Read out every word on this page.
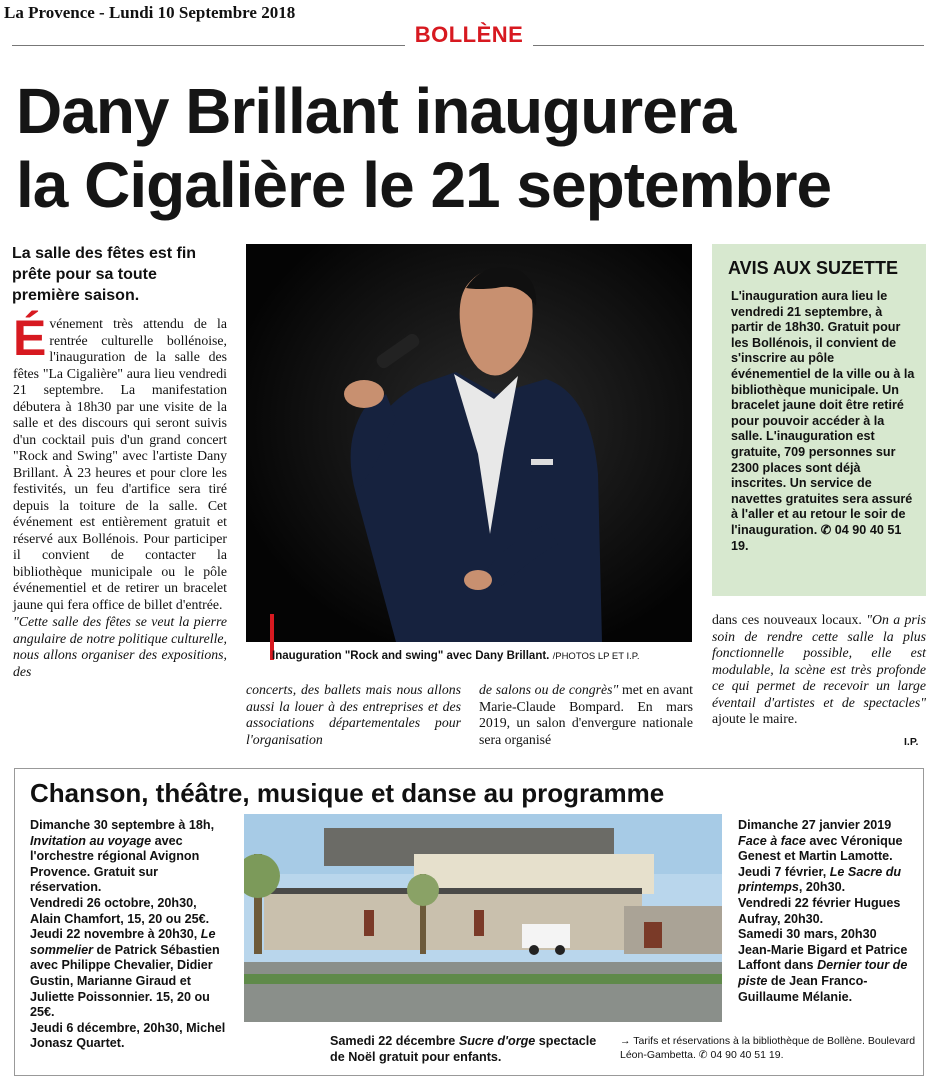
La Provence - Lundi 10 Septembre 2018
BOLLÈNE
Dany Brillant inaugurera
la Cigalière le 21 septembre
La salle des fêtes est fin prête pour sa toute première saison.
Événement très attendu de la rentrée culturelle bollénoise, l'inauguration de la salle des fêtes "La Cigalière" aura lieu vendredi 21 septembre. La manifestation débutera à 18h30 par une visite de la salle et des discours qui seront suivis d'un cocktail puis d'un grand concert "Rock and Swing" avec l'artiste Dany Brillant. À 23 heures et pour clore les festivités, un feu d'artifice sera tiré depuis la toiture de la salle. Cet événement est entièrement gratuit et réservé aux Bollénois. Pour participer il convient de contacter la bibliothèque municipale ou le pôle événementiel et de retirer un bracelet jaune qui fera office de billet d'entrée.
"Cette salle des fêtes se veut la pierre angulaire de notre politique culturelle, nous allons organiser des expositions, des
Inauguration "Rock and swing" avec Dany Brillant. /PHOTOS LP ET I.P.
AVIS AUX SUZETTE
L'inauguration aura lieu le vendredi 21 septembre, à partir de 18h30. Gratuit pour les Bollénois, il convient de s'inscrire au pôle événementiel de la ville ou à la bibliothèque municipale. Un bracelet jaune doit être retiré pour pouvoir accéder à la salle. L'inauguration est gratuite, 709 personnes sur 2300 places sont déjà inscrites. Un service de navettes gratuites sera assuré à l'aller et au retour le soir de l'inauguration. ✆ 04 90 40 51 19.
concerts, des ballets mais nous allons aussi la louer à des entreprises et des associations départementales pour l'organisation
de salons ou de congrès" met en avant Marie-Claude Bompard. En mars 2019, un salon d'envergure nationale sera organisé
dans ces nouveaux locaux. "On a pris soin de rendre cette salle la plus fonctionnelle possible, elle est modulable, la scène est très profonde ce qui permet de recevoir un large éventail d'artistes et de spectacles" ajoute le maire.
I.P.
Chanson, théâtre, musique et danse au programme
Dimanche 30 septembre à 18h, Invitation au voyage avec l'orchestre régional Avignon Provence. Gratuit sur réservation.
Vendredi 26 octobre, 20h30, Alain Chamfort, 15, 20 ou 25€.
Jeudi 22 novembre à 20h30, Le sommelier de Patrick Sébastien avec Philippe Chevalier, Didier Gustin, Marianne Giraud et Juliette Poissonnier. 15, 20 ou 25€.
Jeudi 6 décembre, 20h30, Michel Jonasz Quartet.
Dimanche 27 janvier 2019 Face à face avec Véronique Genest et Martin Lamotte.
Jeudi 7 février, Le Sacre du printemps, 20h30.
Vendredi 22 février Hugues Aufray, 20h30.
Samedi 30 mars, 20h30 Jean-Marie Bigard et Patrice Laffont dans Dernier tour de piste de Jean Franco-Guillaume Mélanie.
Samedi 22 décembre Sucre d'orge spectacle de Noël gratuit pour enfants.
→ Tarifs et réservations à la bibliothèque de Bollène. Boulevard Léon-Gambetta. ✆ 04 90 40 51 19.
